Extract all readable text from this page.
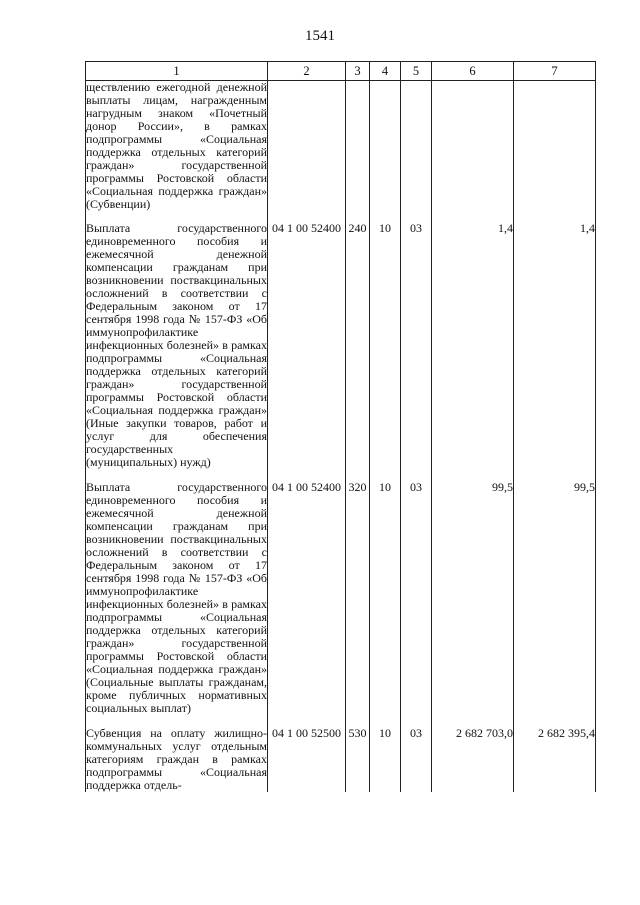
1541
1	2	3	4	5	6	7
ществлению ежегодной денежной выплаты лицам, награжденным нагрудным знаком «Почетный донор России», в рамках подпрограммы «Социальная поддержка отдельных категорий граждан» государственной программы Ростовской области «Социальная поддержка граждан» (Субвенции)						

Выплата государственного единовременного пособия и ежемесячной денежной компенсации гражданам при возникновении поствакцинальных осложнений в соответствии с Федеральным законом от 17 сентября 1998 года № 157-ФЗ «Об иммунопрофилактике инфекционных болезней» в рамках подпрограммы «Социальная поддержка отдельных категорий граждан» государственной программы Ростовской области «Социальная поддержка граждан» (Иные закупки товаров, работ и услуг для обеспечения государственных (муниципальных) нужд)	04 1 00 52400	240	10	03	1,4	1,4

Выплата государственного единовременного пособия и ежемесячной денежной компенсации гражданам при возникновении поствакцинальных осложнений в соответствии с Федеральным законом от 17 сентября 1998 года № 157-ФЗ «Об иммунопрофилактике инфекционных болезней» в рамках подпрограммы «Социальная поддержка отдельных категорий граждан» государственной программы Ростовской области «Социальная поддержка граждан» (Социальные выплаты гражданам, кроме публичных нормативных социальных выплат)	04 1 00 52400	320	10	03	99,5	99,5

Субвенция на оплату жилищно-коммунальных услуг отдельным категориям граждан в рамках подпрограммы «Социальная поддержка отдель-	04 1 00 52500	530	10	03	2 682 703,0	2 682 395,4
